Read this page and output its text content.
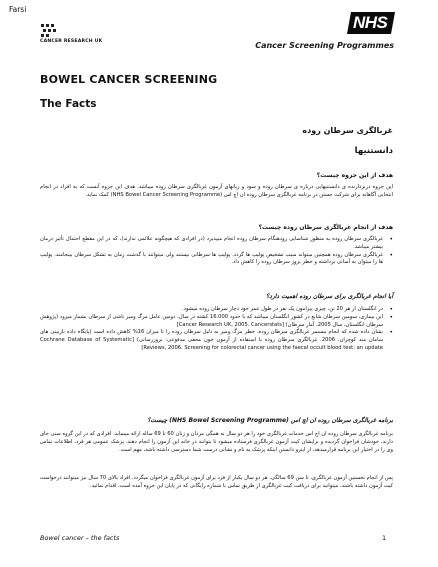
Farsi
CANCER RESEARCH UK
NHS
Cancer Screening Programmes
BOWEL CANCER SCREENING
The Facts
غربالگری سرطان روده
دانستنیها
هدف از این جزوه چیست؟
این جزوه دربردارنده ی دانستنیهایی درباره ی سرطان روده و سود و زیانهای آزمون غربالگری سرطان روده میباشد. هدف این جزوه آنست که به افراد در انجام انتخابی آگاهانه برای شرکت جستن در برنامه غربالگری سرطان روده ان اچ اس (NHS Bowel Cancer Screening Programme) کمک نماید.
هدف از انجام غربالگری سرطان روده چیست؟
• غربالگری سرطان روده به منظور شناسایی زودهنگام سرطان روده انجام میپذیرد (در افرادی که هیچگونه علائمی ندارند)، که در این مقطع احتمال تأثیر درمان بیشتر میباشد.
• غربالگری سرطان روده همچنین میتواند سبب تشخیص پولیپ ها گردد. پولیپ ها سرطانی نیستند ولی میتوانند با گذشت زمان به تشکل سرطان بینجامند. پولیپ ها را میتوان به آسانی برداشته و خطر بروز سرطان روده را کاهش داد.
آیا انجام غربالگری برای سرطان روده اهمیت دارد؟
• در انگلستان از هر 20 تن، چیزی پیرامون یک نفر در طول عمر خود دچار سرطان روده میشود.
• این بیماری، سومین سرطان شایع در کشور انگلستان میباشد که با حدود 16.000 کشته در سال، دومین عامل مرگ ومیر ناشی از سرطان بشمار میرود (پژوهش سرطان انگلستان، سال 2005، آمار سرطان) [Cancer Research UK, 2005. Cancerstats]
• نشان داده شده که انجام مستمر غربالگری سرطان روده، خطر مرگ ومیر به دلیل سرطان روده را تا میزان 16% کاهش داده است (پایگاه داده بازبینی های سامان مند کوچران، 2006. غربالگری سرطان روده با استفاده از آزمون خون مخفی مدفوعی: بروزرسانی) [Cochrane Database of Systematic Reviews, 2006. Screening for colorectal cancer using the faecal occult blood test: an update]
برنامه غربالگری سرطان روده ان اچ اس (NHS Bowel Screening Programme) چیست؟
برنامه غربالگری سرطان روده ان اچ اس خدمات غربالگری خود را هر دو سال به همگی مردان و زنان 60 تا 69 ساله ارائه مینماید. افرادی که در این گروه سنی جای دارند، خودشان فراخوان گردیده و برایشان کیت آزمون غربالگری فرستاده میشود تا بتوانند در خانه این آزمون را انجام دهند. پزشک عمومی هر فرد، اطلاعات تماس وی را در اختیار این برنامه قرارمیدهد، از اینرو دانستن اینکه پزشک به نام و نشانی درست شما دسترسی داشته باشد، مهم است.
پس از انجام نخستین آزمون غربالگری، تا سن 69 سالگی، هر دو سال یکبار از فرد برای آزمون غربالگری فراخوان میگردد. افراد بالای 70 سال نیز میتوانند درخواست کیت آزمون داشته باشند، میتوانید برای دریافت کیت غربالگری از طریق تماس با شماره رایگانی که در پایان این جزوه آمده است، اقدام نمائید.
Bowel cancer – the facts	1
